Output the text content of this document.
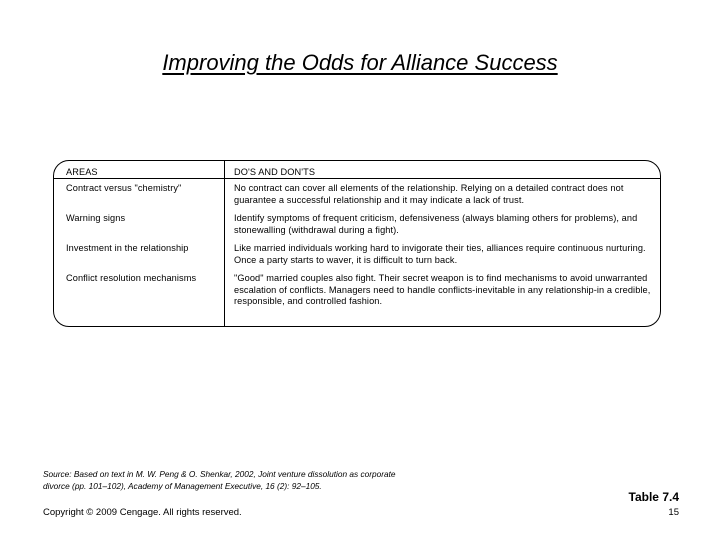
Improving the Odds for Alliance Success
AREAS	DO'S AND DON'TS
Contract versus "chemistry"	No contract can cover all elements of the relationship. Relying on a detailed contract does not guarantee a successful relationship and it may indicate a lack of trust.
Warning signs	Identify symptoms of frequent criticism, defensiveness (always blaming others for problems), and stonewalling (withdrawal during a fight).
Investment in the relationship	Like married individuals working hard to invigorate their ties, alliances require continuous nurturing. Once a party starts to waver, it is difficult to turn back.
Conflict resolution mechanisms	"Good" married couples also fight. Their secret weapon is to find mechanisms to avoid unwarranted escalation of conflicts. Managers need to handle conflicts-inevitable in any relationship-in a credible, responsible, and controlled fashion.
Source: Based on text in M. W. Peng & O. Shenkar, 2002, Joint venture dissolution as corporate divorce (pp. 101–102), Academy of Management Executive, 16 (2): 92–105.
Copyright © 2009 Cengage. All rights reserved.
Table 7.4
15
